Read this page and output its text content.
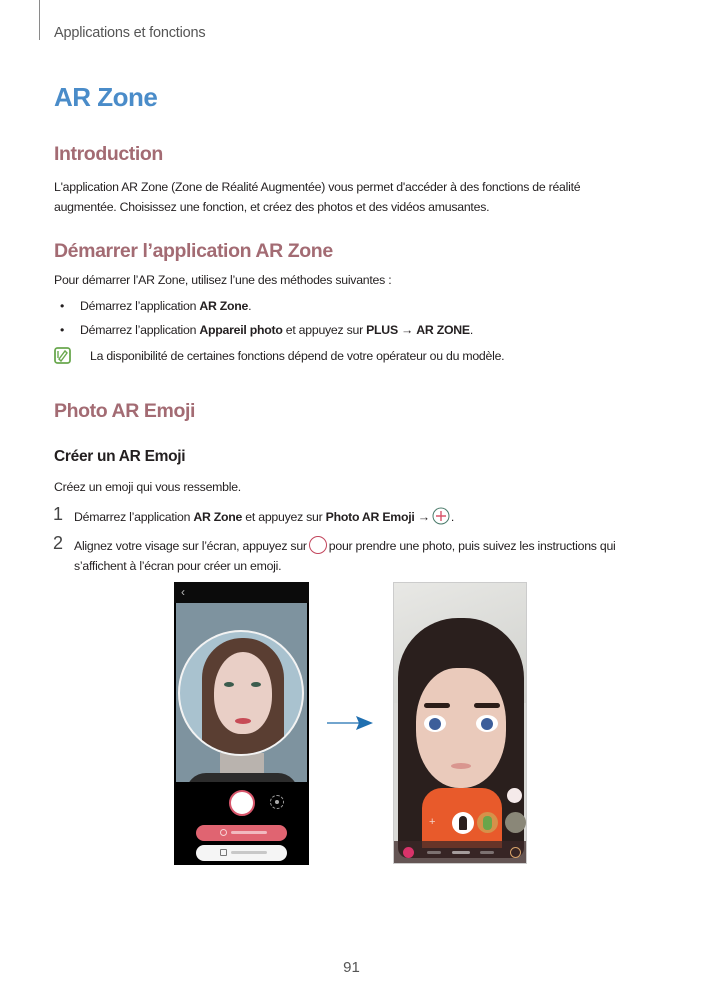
Applications et fonctions
AR Zone
Introduction

L'application AR Zone (Zone de Réalité Augmentée) vous permet d'accéder à des fonctions de réalité
augmentée. Choisissez une fonction, et créez des photos et des vidéos amusantes.

Démarrer l’application AR Zone

Pour démarrer l’AR Zone, utilisez l’une des méthodes suivantes :

• Démarrez l’application AR Zone.
• Démarrez l’application Appareil photo et appuyez sur PLUS → AR ZONE.

La disponibilité de certaines fonctions dépend de votre opérateur ou du modèle.

Photo AR Emoji
Créer un AR Emoji

Créez un emoji qui vous ressemble.

1 Démarrez l’application AR Zone et appuyez sur Photo AR Emoji → .
2 Alignez votre visage sur l’écran, appuyez sur pour prendre une photo, puis suivez les instructions qui
s’affichent à l’écran pour créer un emoji.
‹
+
91
